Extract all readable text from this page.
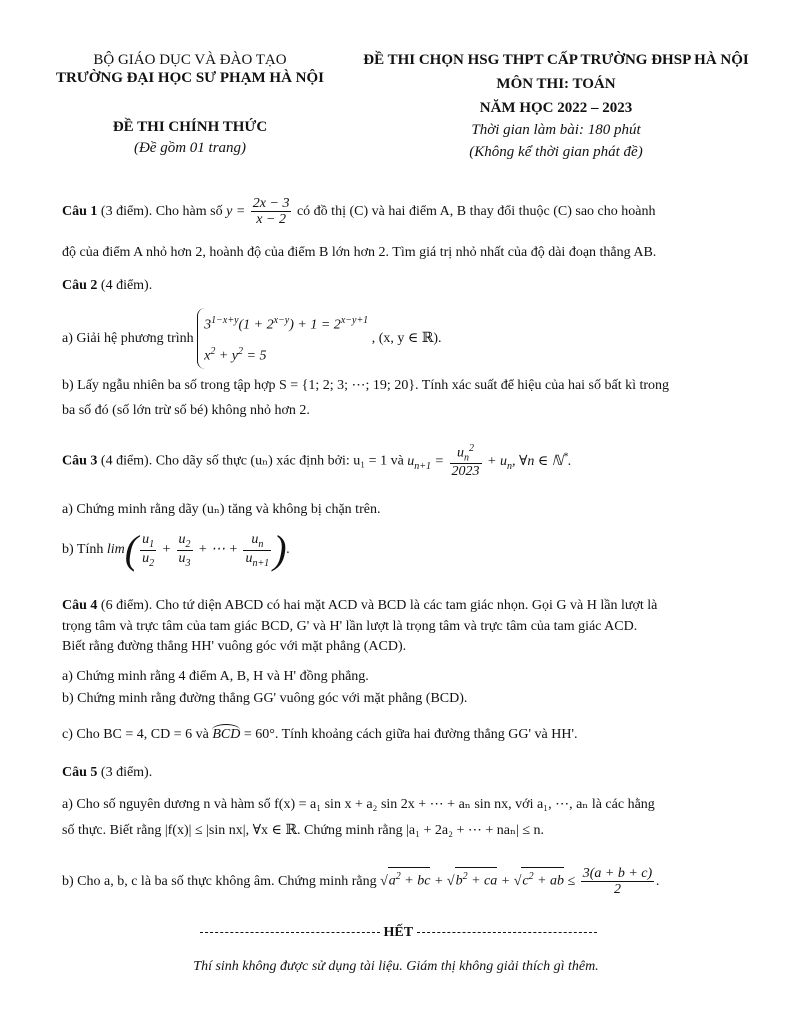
BỘ GIÁO DỤC VÀ ĐÀO TẠO
TRƯỜNG ĐẠI HỌC SƯ PHẠM HÀ NỘI
ĐỀ THI CHÍNH THỨC
(Đề gồm 01 trang)
ĐỀ THI CHỌN HSG THPT CẤP TRƯỜNG ĐHSP HÀ NỘI
MÔN THI: TOÁN
NĂM HỌC 2022 – 2023
Thời gian làm bài: 180 phút
(Không kể thời gian phát đề)
Câu 1 (3 điểm). Cho hàm số $y = \frac{2x - 3}{x - 2}$ có đồ thị (C) và hai điểm A, B thay đổi thuộc (C) sao cho hoành
độ của điểm A nhỏ hơn 2, hoành độ của điểm B lớn hơn 2. Tìm giá trị nhỏ nhất của độ dài đoạn thẳng AB.
Câu 2 (4 điểm).
a) Giải hệ phương trình $3^{1-x+y}(1 + 2^{x-y}) + 1 = 2^{x-y+1}$
$x^2 + y^2 = 5$ , (x, y ∈ ℝ).
b) Lấy ngẫu nhiên ba số trong tập hợp S = {1; 2; 3; ⋯; 19; 20}. Tính xác suất để hiệu của hai số bất kì trong
ba số đó (số lớn trừ số bé) không nhỏ hơn 2.
Câu 3 (4 điểm). Cho dãy số thực (uₙ) xác định bởi: u₁ = 1 và $u_{n+1} = \frac{u_n^2}{2023} + u_n$, ∀n ∈ ℕ*.
a) Chứng minh rằng dãy (uₙ) tăng và không bị chặn trên.
b) Tính $\lim( \frac{u_1}{u_2} + \frac{u_2}{u_3}$ + ⋯ + $\frac{u_n}{u_{n+1}}$ ).
Câu 4 (6 điểm). Cho tứ diện ABCD có hai mặt ACD và BCD là các tam giác nhọn. Gọi G và H lần lượt là
trọng tâm và trực tâm của tam giác BCD, G' và H' lần lượt là trọng tâm và trực tâm của tam giác ACD.
Biết rằng đường thẳng HH' vuông góc với mặt phẳng (ACD).
a) Chứng minh rằng 4 điểm A, B, H và H' đồng phẳng.
b) Chứng minh rằng đường thẳng GG' vuông góc với mặt phẳng (BCD).
c) Cho BC = 4, CD = 6 và BCD = 60°. Tính khoảng cách giữa hai đường thẳng GG' và HH'.
Câu 5 (3 điểm).
a) Cho số nguyên dương n và hàm số f(x) = a₁ sin x + a₂ sin 2x + ⋯ + aₙ sin nx, với a₁, ⋯, aₙ là các hằng
số thực. Biết rằng |f(x)| ≤ |sin nx|, ∀x ∈ ℝ. Chứng minh rằng |a₁ + 2a₂ + ⋯ + naₙ| ≤ n.
b) Cho a, b, c là ba số thực không âm. Chứng minh rằng $√a^2$ + bc + $√b^2$ + ca + $√c^2$ + ab ≤ $\frac{3(a + b + c)}{2}$ .
HẾT
Thí sinh không được sử dụng tài liệu. Giám thị không giải thích gì thêm.
